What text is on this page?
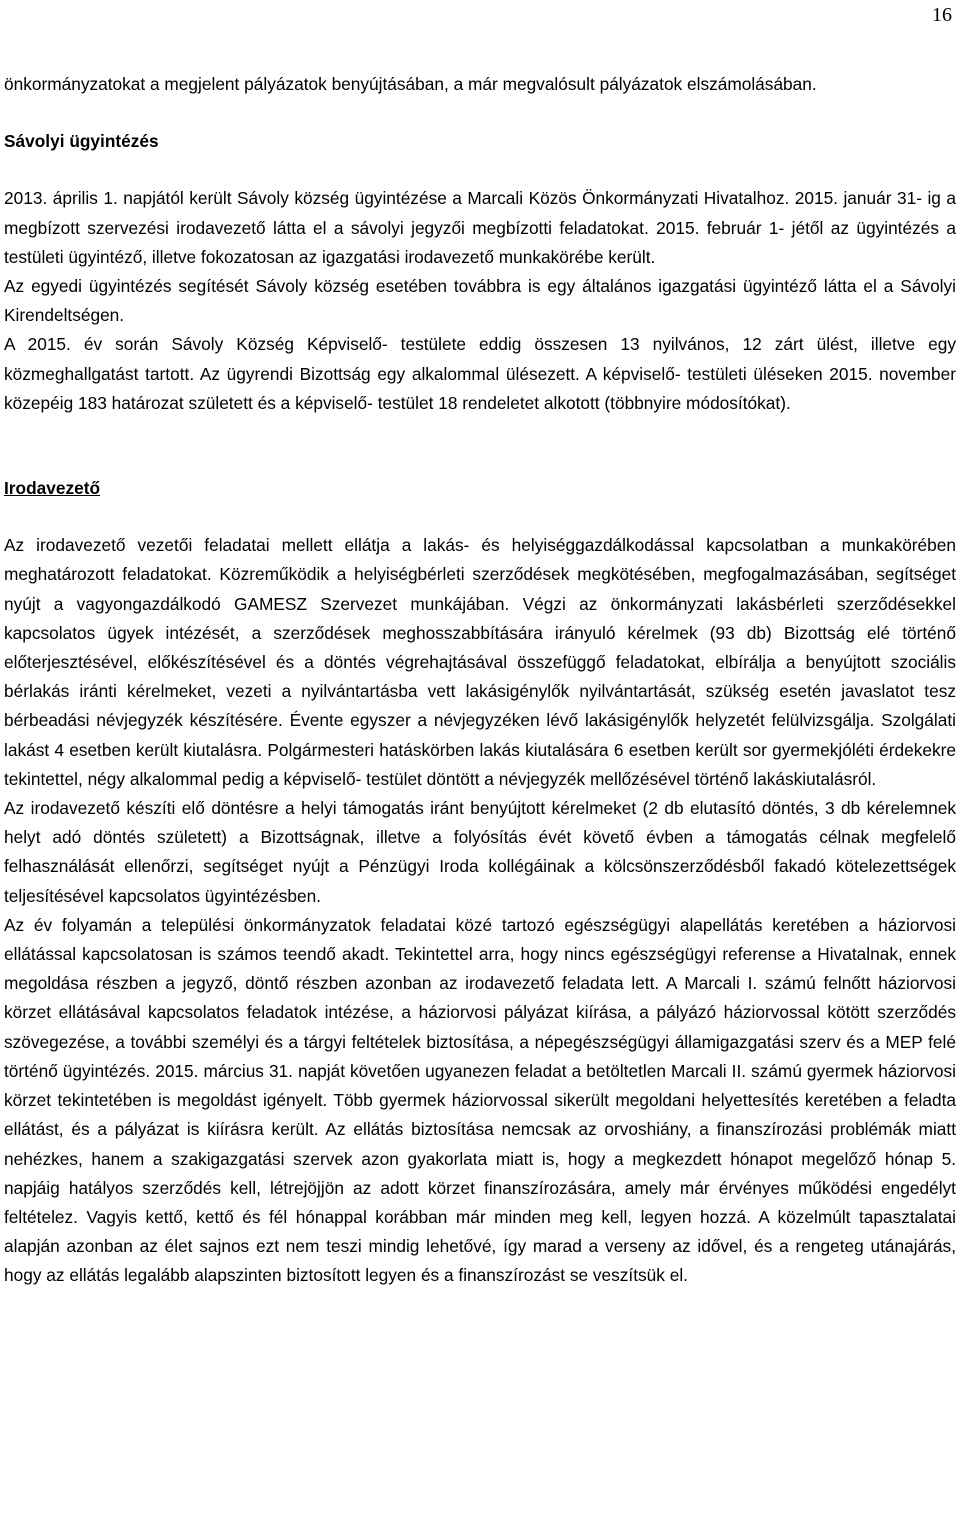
16

önkormányzatokat a megjelent pályázatok benyújtásában, a már megvalósult pályázatok elszámolásában.

Sávolyi ügyintézés

2013. április 1. napjától került Sávoly község ügyintézése a Marcali Közös Önkormányzati Hivatalhoz. 2015. január 31- ig a megbízott szervezési irodavezető látta el a sávolyi jegyzői megbízotti feladatokat. 2015. február 1- jétől az ügyintézés a testületi ügyintéző, illetve fokozatosan az igazgatási irodavezető munkakörébe került.

Az egyedi ügyintézés segítését Sávoly község esetében továbbra is egy általános igazgatási ügyintéző látta el a Sávolyi Kirendeltségen.

A 2015. év során Sávoly Község Képviselő- testülete eddig összesen 13 nyilvános, 12 zárt ülést, illetve egy közmeghallgatást tartott. Az ügyrendi Bizottság egy alkalommal ülésezett. A képviselő- testületi üléseken 2015. november közepéig 183 határozat született és a képviselő- testület 18 rendeletet alkotott (többnyire módosítókat).

Irodavezető

Az irodavezető vezetői feladatai mellett ellátja a lakás- és helyiséggazdálkodással kapcsolatban a munkakörében meghatározott feladatokat. Közreműködik a helyiségbérleti szerződések megkötésében, megfogalmazásában, segítséget nyújt a vagyongazdálkodó GAMESZ Szervezet munkájában. Végzi az önkormányzati lakásbérleti szerződésekkel kapcsolatos ügyek intézését, a szerződések meghosszabbítására irányuló kérelmek (93 db) Bizottság elé történő előterjesztésével, előkészítésével és a döntés végrehajtásával összefüggő feladatokat, elbírálja a benyújtott szociális bérlakás iránti kérelmeket, vezeti a nyilvántartásba vett lakásigénylők nyilvántartását, szükség esetén javaslatot tesz bérbeadási névjegyzék készítésére. Évente egyszer a névjegyzéken lévő lakásigénylők helyzetét felülvizsgálja. Szolgálati lakást 4 esetben került kiutalásra. Polgármesteri hatáskörben lakás kiutalására 6 esetben került sor gyermekjóléti érdekekre tekintettel, négy alkalommal pedig a képviselő- testület döntött a névjegyzék mellőzésével történő lakáskiutalásról.

Az irodavezető készíti elő döntésre a helyi támogatás iránt benyújtott kérelmeket (2 db elutasító döntés, 3 db kérelemnek helyt adó döntés született) a Bizottságnak, illetve a folyósítás évét követő évben a támogatás célnak megfelelő felhasználását ellenőrzi, segítséget nyújt a Pénzügyi Iroda kollégáinak a kölcsönszerződésből fakadó kötelezettségek teljesítésével kapcsolatos ügyintézésben.

Az év folyamán a települési önkormányzatok feladatai közé tartozó egészségügyi alapellátás keretében a háziorvosi ellátással kapcsolatosan is számos teendő akadt. Tekintettel arra, hogy nincs egészségügyi referense a Hivatalnak, ennek megoldása részben a jegyző, döntő részben azonban az irodavezető feladata lett. A Marcali I. számú felnőtt háziorvosi körzet ellátásával kapcsolatos feladatok intézése, a háziorvosi pályázat kiírása, a pályázó háziorvossal kötött szerződés szövegezése, a további személyi és a tárgyi feltételek biztosítása, a népegészségügyi államigazgatási szerv és a MEP felé történő ügyintézés. 2015. március 31. napját követően ugyanezen feladat a betöltetlen Marcali II. számú gyermek háziorvosi körzet tekintetében is megoldást igényelt. Több gyermek háziorvossal sikerült megoldani helyettesítés keretében a feladta ellátást, és a pályázat is kiírásra került. Az ellátás biztosítása nemcsak az orvoshiány, a finanszírozási problémák miatt nehézkes, hanem a szakigazgatási szervek azon gyakorlata miatt is, hogy a megkezdett hónapot megelőző hónap 5. napjáig hatályos szerződés kell, létrejöjjön az adott körzet finanszírozására, amely már érvényes működési engedélyt feltételez. Vagyis kettő, kettő és fél hónappal korábban már minden meg kell, legyen hozzá. A közelmúlt tapasztalatai alapján azonban az élet sajnos ezt nem teszi mindig lehetővé, így marad a verseny az idővel, és a rengeteg utánajárás, hogy az ellátás legalább alapszinten biztosított legyen és a finanszírozást se veszítsük el.
